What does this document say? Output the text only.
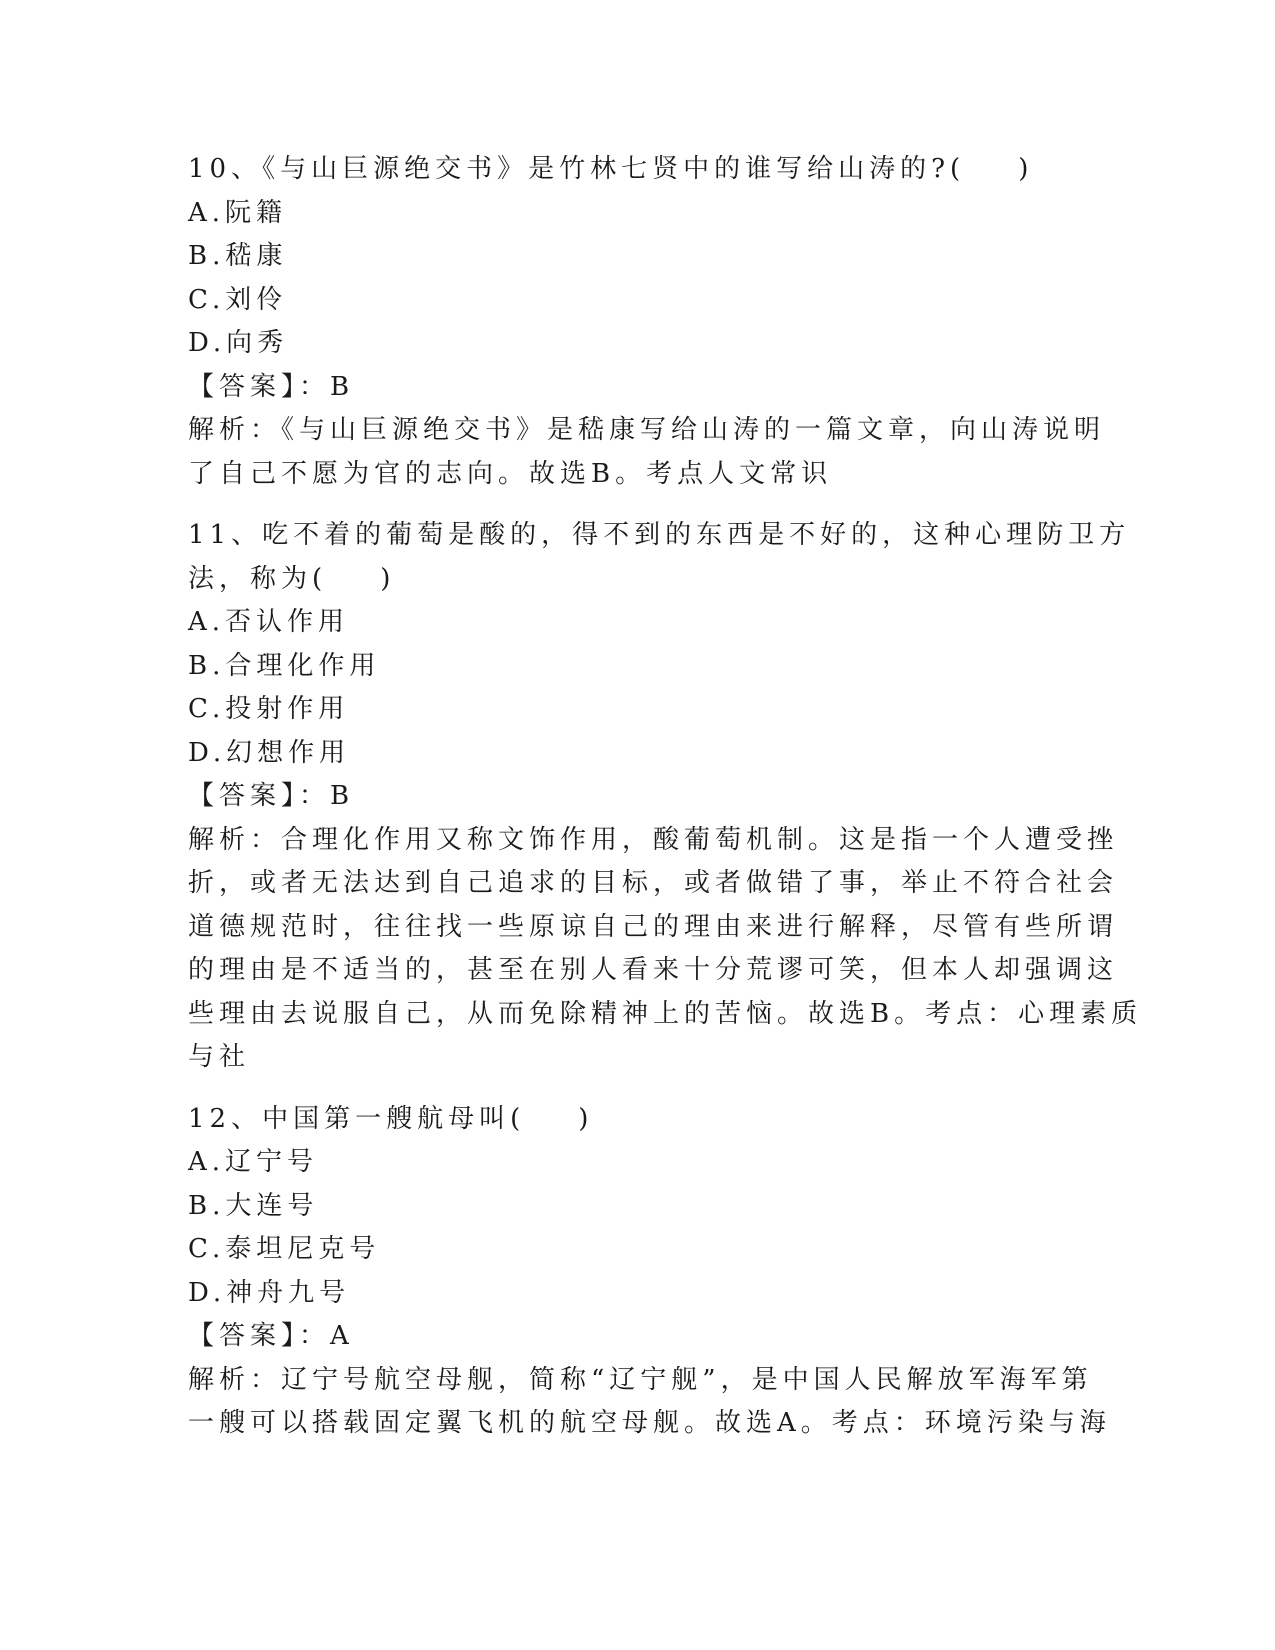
10、《与山巨源绝交书》是竹林七贤中的谁写给山涛的?(    )

A.阮籍

B.嵇康

C.刘伶

D.向秀

【答案】：B

解析：《与山巨源绝交书》是嵇康写给山涛的一篇文章，向山涛说明

了自己不愿为官的志向。故选B。考点人文常识

11、吃不着的葡萄是酸的，得不到的东西是不好的，这种心理防卫方

法，称为(    )

A.否认作用

B.合理化作用

C.投射作用

D.幻想作用

【答案】：B

解析：合理化作用又称文饰作用，酸葡萄机制。这是指一个人遭受挫

折，或者无法达到自己追求的目标，或者做错了事，举止不符合社会

道德规范时，往往找一些原谅自己的理由来进行解释，尽管有些所谓

的理由是不适当的，甚至在别人看来十分荒谬可笑，但本人却强调这

些理由去说服自己，从而免除精神上的苦恼。故选B。考点：心理素质

与社

12、中国第一艘航母叫(    )

A.辽宁号

B.大连号

C.泰坦尼克号

D.神舟九号

【答案】：A

解析：辽宁号航空母舰，简称“辽宁舰”，是中国人民解放军海军第

一艘可以搭载固定翼飞机的航空母舰。故选A。考点：环境污染与海
